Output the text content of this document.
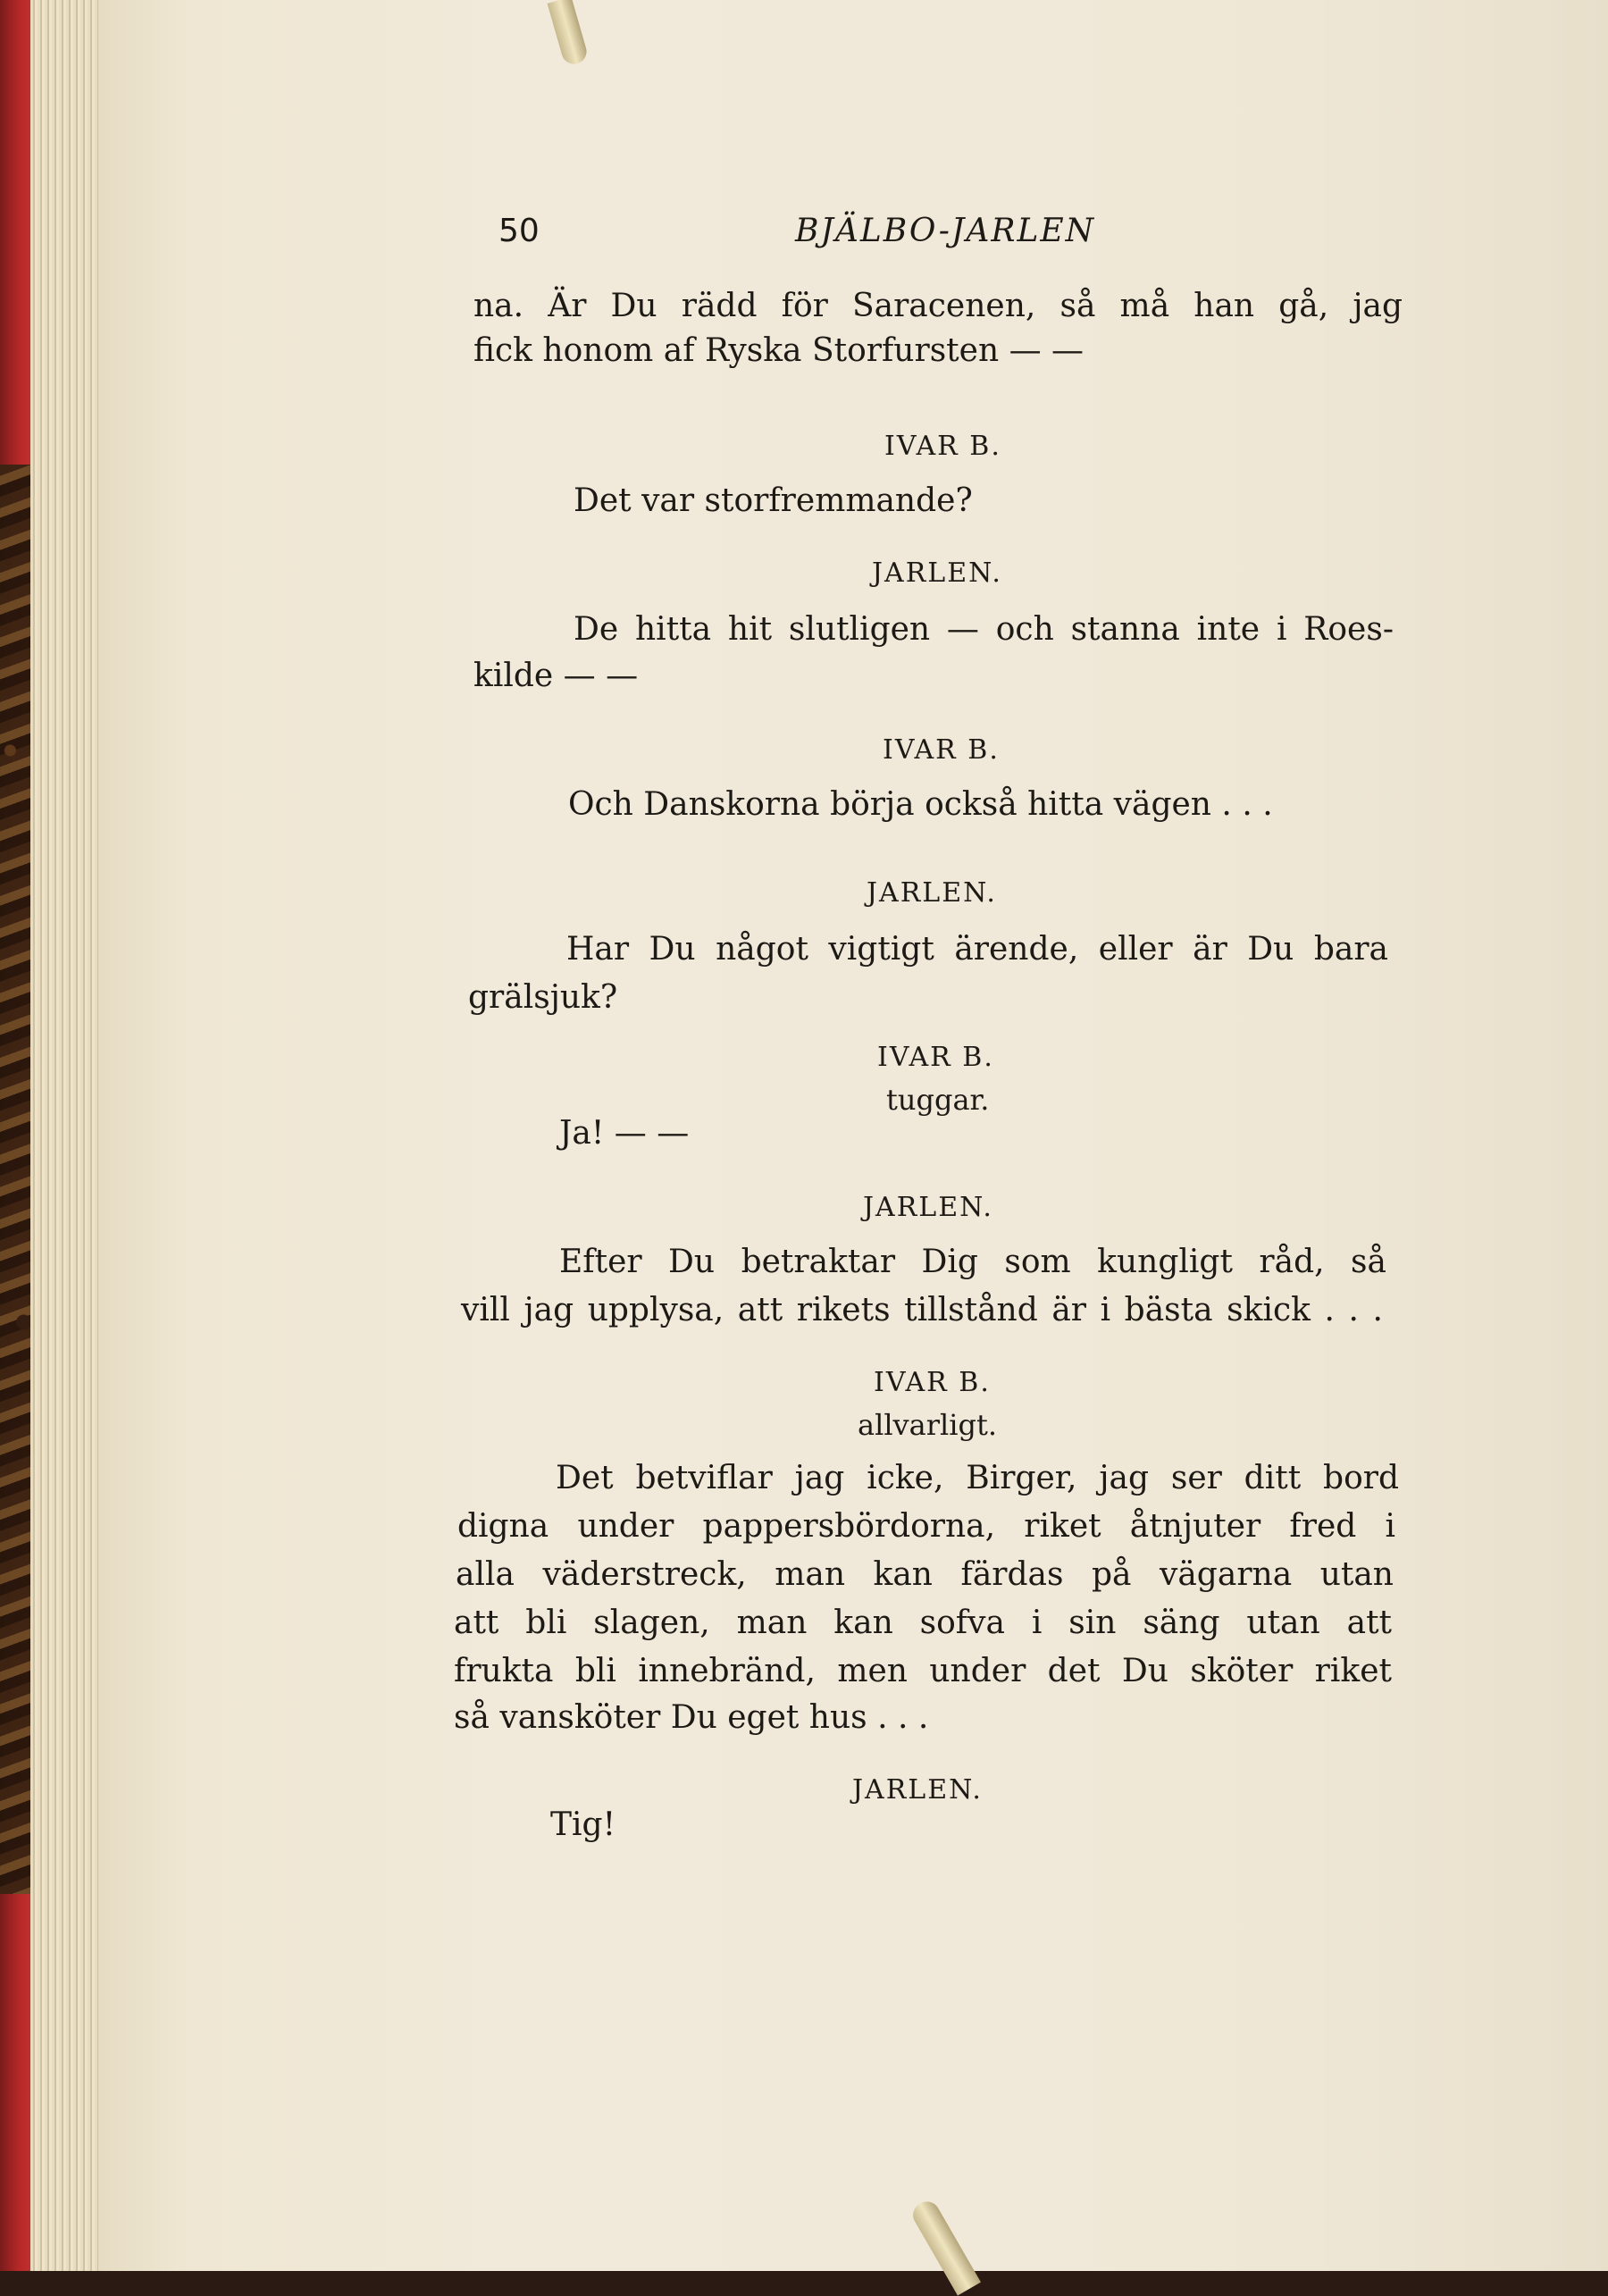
50	BJÄLBO-JARLEN
na. Är Du rädd för Saracenen, så må han gå, jag
fick honom af Ryska Storfursten — —
IVAR B.
Det var storfremmande?
JARLEN.
De hitta hit slutligen — och stanna inte i Roes-
kilde — —
IVAR B.
Och Danskorna börja också hitta vägen . . .
JARLEN.
Har Du något vigtigt ärende, eller är Du bara
grälsjuk?
IVAR B.
tuggar.
Ja! — —
JARLEN.
Efter Du betraktar Dig som kungligt råd, så
vill jag upplysa, att rikets tillstånd är i bästa skick . . .
IVAR B.
allvarligt.
Det betviflar jag icke, Birger, jag ser ditt bord
digna under pappersbördorna, riket åtnjuter fred i
alla väderstreck, man kan färdas på vägarna utan
att bli slagen, man kan sofva i sin säng utan att
frukta bli innebränd, men under det Du sköter riket
så vansköter Du eget hus . . .
JARLEN.
Tig!
